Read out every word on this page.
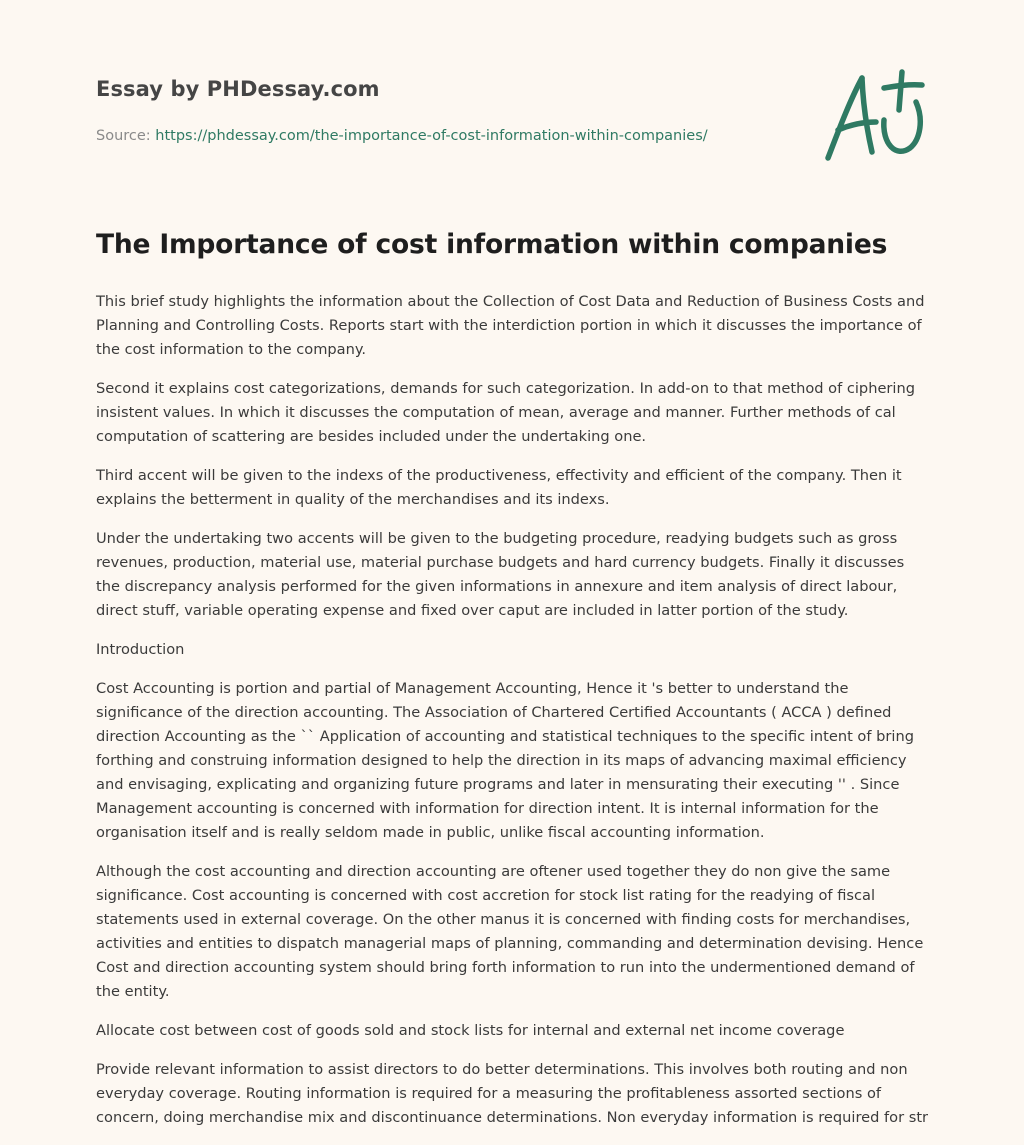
Essay by PHDessay.com
Source: https://phdessay.com/the-importance-of-cost-information-within-companies/
The Importance of cost information within companies

This brief study highlights the information about the Collection of Cost Data and Reduction of Business Costs and Planning and Controlling Costs. Reports start with the interdiction portion in which it discusses the importance of the cost information to the company.

Second it explains cost categorizations, demands for such categorization. In add-on to that method of ciphering insistent values. In which it discusses the computation of mean, average and manner. Further methods of cal computation of scattering are besides included under the undertaking one.

Third accent will be given to the indexs of the productiveness, effectivity and efficient of the company. Then it explains the betterment in quality of the merchandises and its indexs.

Under the undertaking two accents will be given to the budgeting procedure, readying budgets such as gross revenues, production, material use, material purchase budgets and hard currency budgets. Finally it discusses the discrepancy analysis performed for the given informations in annexure and item analysis of direct labour, direct stuff, variable operating expense and fixed over caput are included in latter portion of the study.

Introduction

Cost Accounting is portion and partial of Management Accounting, Hence it 's better to understand the significance of the direction accounting. The Association of Chartered Certified Accountants ( ACCA ) defined direction Accounting as the `` Application of accounting and statistical techniques to the specific intent of bring forthing and construing information designed to help the direction in its maps of advancing maximal efficiency and envisaging, explicating and organizing future programs and later in mensurating their executing '' . Since Management accounting is concerned with information for direction intent. It is internal information for the organisation itself and is really seldom made in public, unlike fiscal accounting information.

Although the cost accounting and direction accounting are oftener used together they do non give the same significance. Cost accounting is concerned with cost accretion for stock list rating for the readying of fiscal statements used in external coverage. On the other manus it is concerned with finding costs for merchandises, activities and entities to dispatch managerial maps of planning, commanding and determination devising. Hence Cost and direction accounting system should bring forth information to run into the undermentioned demand of the entity.

Allocate cost between cost of goods sold and stock lists for internal and external net income coverage

Provide relevant information to assist directors to do better determinations. This involves both routing and non everyday coverage. Routing information is required for a measuring the profitableness assorted sections of concern, doing merchandise mix and discontinuance determinations. Non everyday information is required for str
